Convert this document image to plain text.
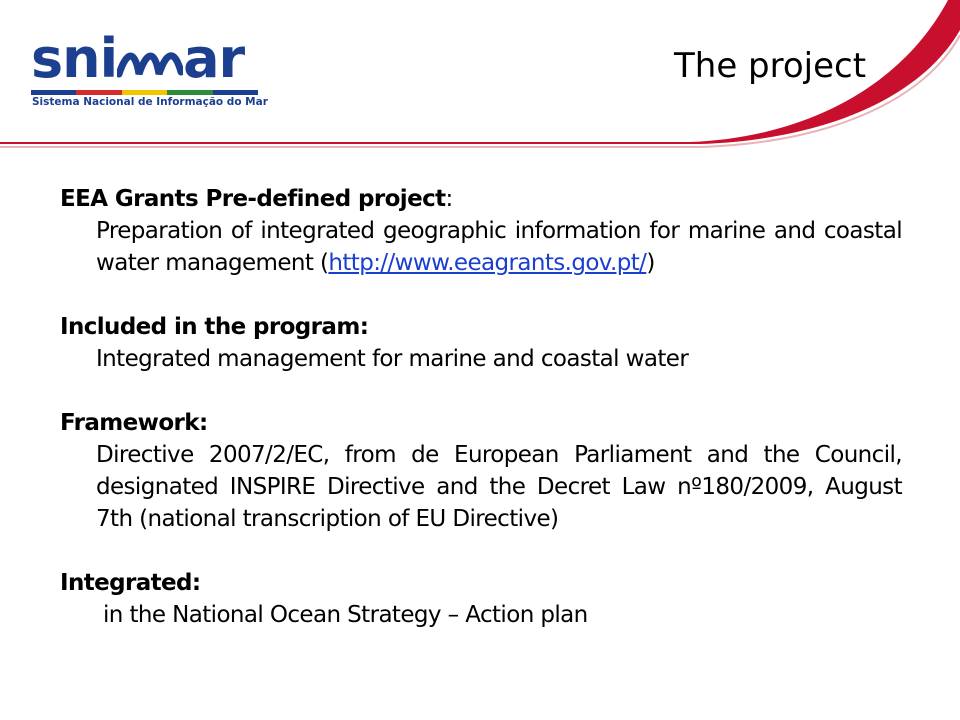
sni ar
Sistema Nacional de Informação do Mar
The project

EEA Grants Pre-defined project:

Preparation of integrated geographic information for marine and coastal water management (http://www.eeagrants.gov.pt/)

Included in the program:

Integrated management for marine and coastal water

Framework:

Directive 2007/2/EC, from de European Parliament and the Council, designated INSPIRE Directive and the Decret Law nº180/2009, August 7th (national transcription of EU Directive)

Integrated:

in the National Ocean Strategy – Action plan
